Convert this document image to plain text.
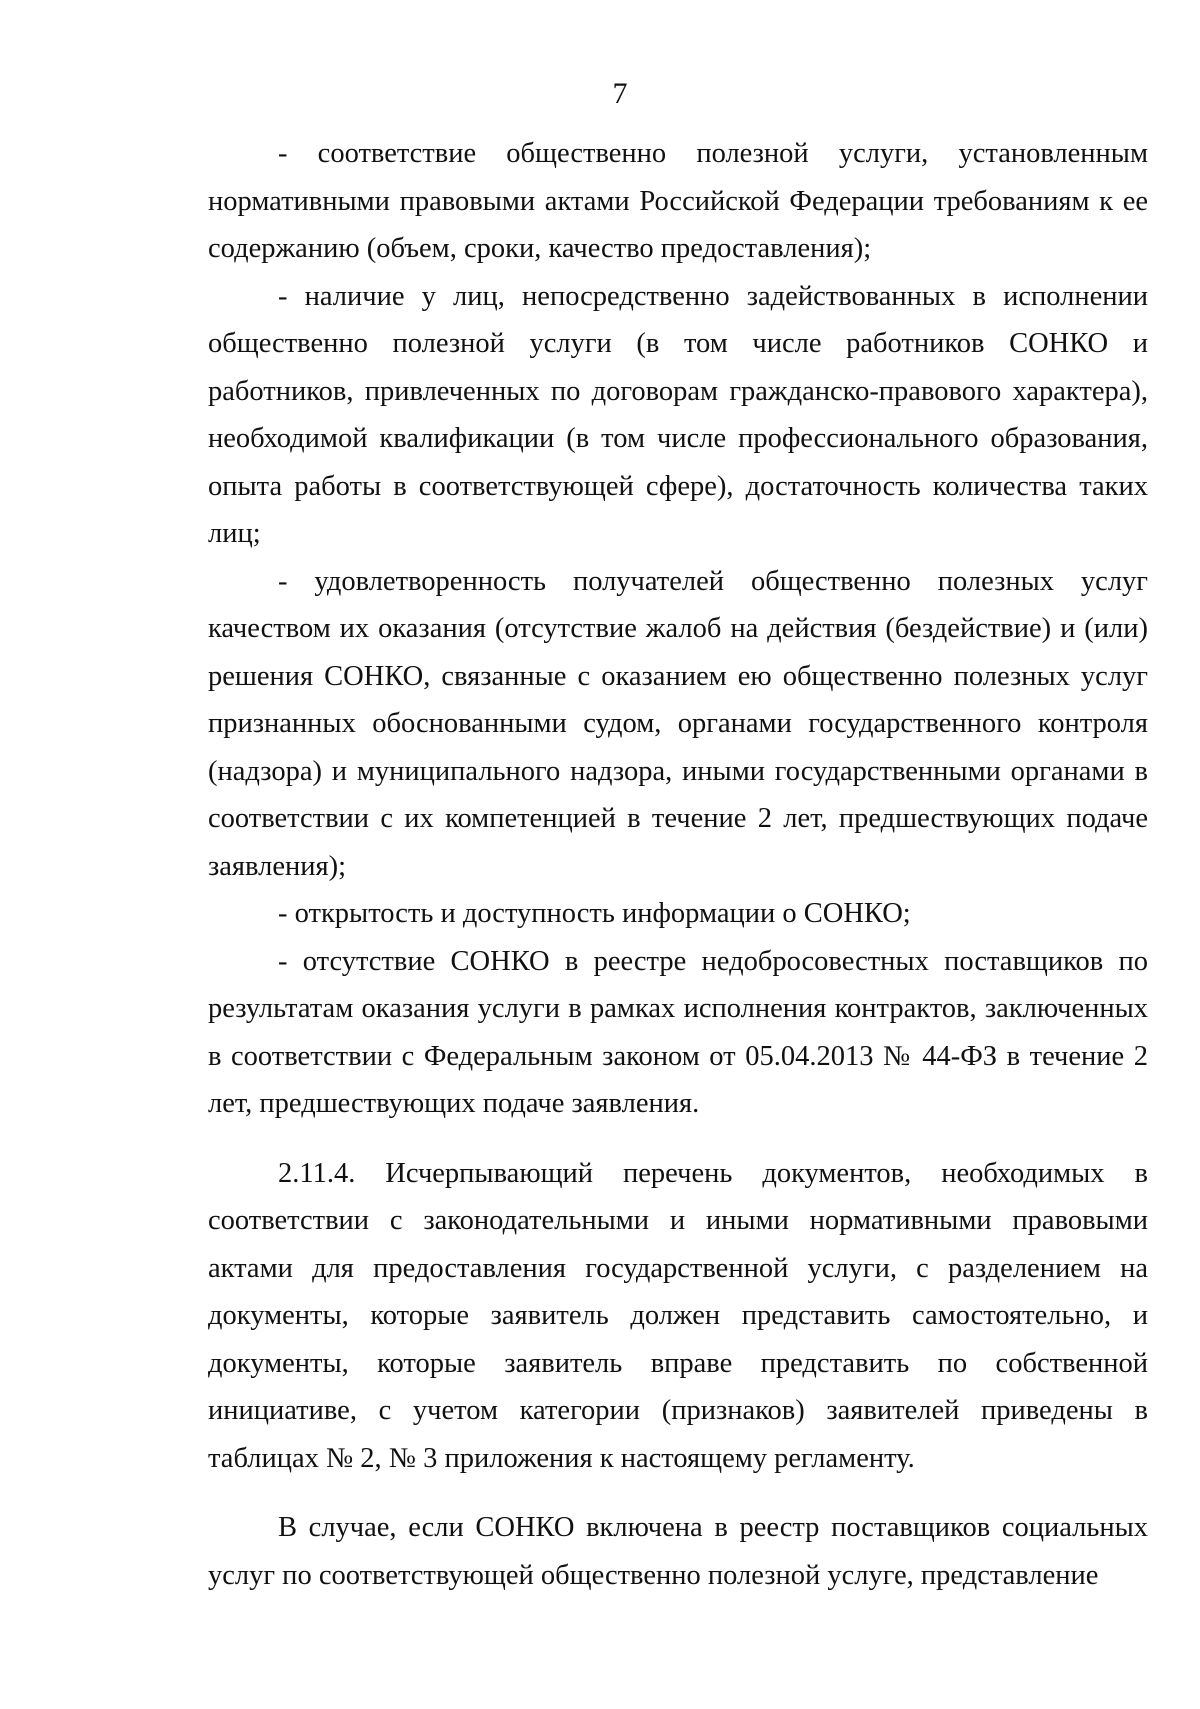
7

- соответствие общественно полезной услуги, установленным нормативными правовыми актами Российской Федерации требованиям к ее содержанию (объем, сроки, качество предоставления);

- наличие у лиц, непосредственно задействованных в исполнении общественно полезной услуги (в том числе работников СОНКО и работников, привлеченных по договорам гражданско-правового характера), необходимой квалификации (в том числе профессионального образования, опыта работы в соответствующей сфере), достаточность количества таких лиц;

- удовлетворенность получателей общественно полезных услуг качеством их оказания (отсутствие жалоб на действия (бездействие) и (или) решения СОНКО, связанные с оказанием ею общественно полезных услуг признанных обоснованными судом, органами государственного контроля (надзора) и муниципального надзора, иными государственными органами в соответствии с их компетенцией в течение 2 лет, предшествующих подаче заявления);

- открытость и доступность информации о СОНКО;

- отсутствие СОНКО в реестре недобросовестных поставщиков по результатам оказания услуги в рамках исполнения контрактов, заключенных в соответствии с Федеральным законом от 05.04.2013 № 44-ФЗ в течение 2 лет, предшествующих подаче заявления.

2.11.4. Исчерпывающий перечень документов, необходимых в соответствии с законодательными и иными нормативными правовыми актами для предоставления государственной услуги, с разделением на документы, которые заявитель должен представить самостоятельно, и документы, которые заявитель вправе представить по собственной инициативе, с учетом категории (признаков) заявителей приведены в таблицах № 2, № 3 приложения к настоящему регламенту.

В случае, если СОНКО включена в реестр поставщиков социальных услуг по соответствующей общественно полезной услуге, представление
